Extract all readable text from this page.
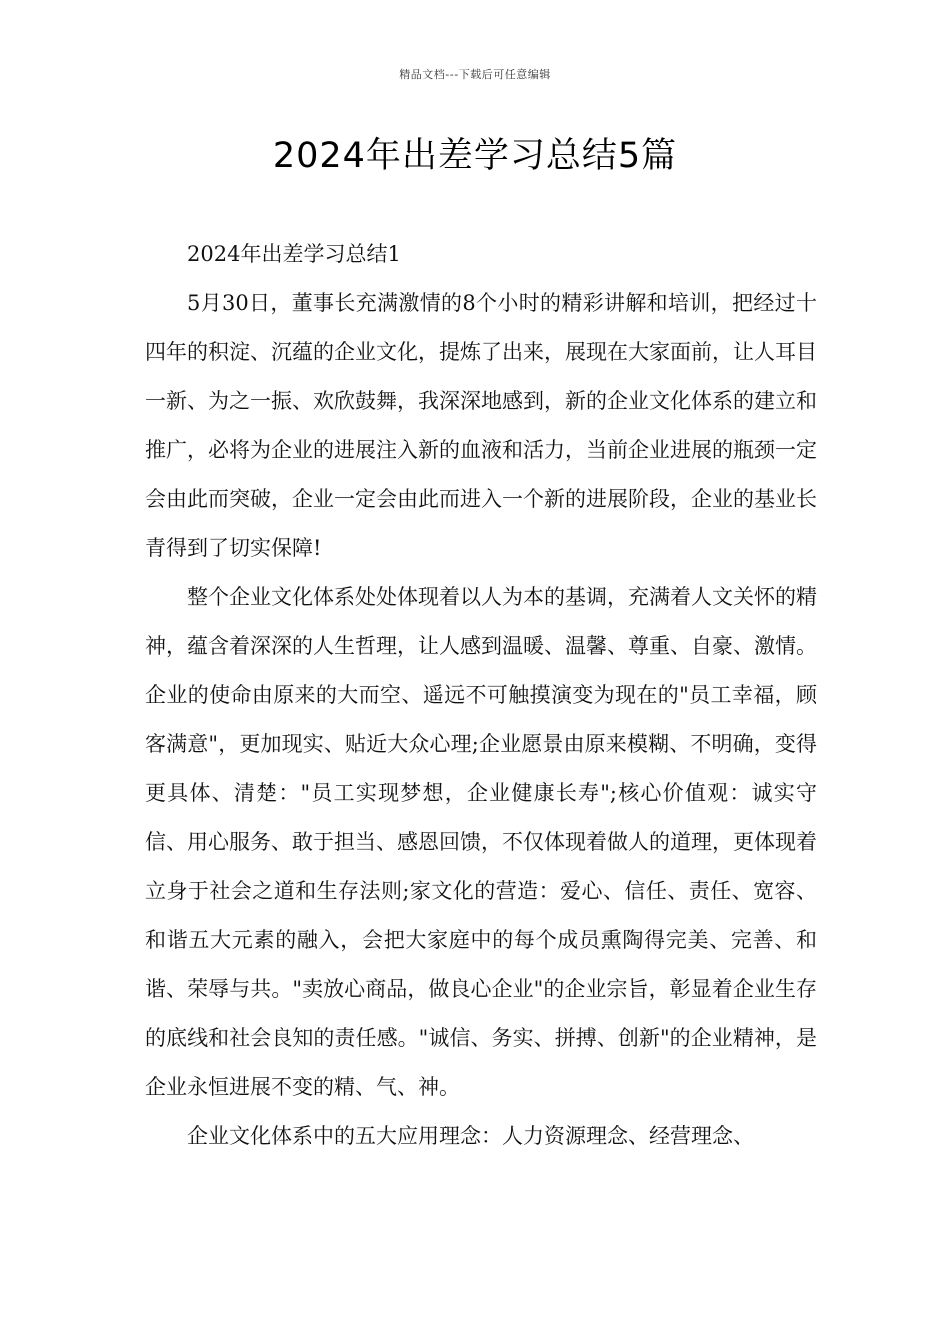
精品文档---下载后可任意编辑
2024年出差学习总结5篇

2024年出差学习总结1

5月30日，董事长充满激情的8个小时的精彩讲解和培训，把经过十四年的积淀、沉蕴的企业文化，提炼了出来，展现在大家面前，让人耳目一新、为之一振、欢欣鼓舞，我深深地感到，新的企业文化体系的建立和推广，必将为企业的进展注入新的血液和活力，当前企业进展的瓶颈一定会由此而突破，企业一定会由此而进入一个新的进展阶段，企业的基业长青得到了切实保障!

整个企业文化体系处处体现着以人为本的基调，充满着人文关怀的精神，蕴含着深深的人生哲理，让人感到温暖、温馨、尊重、自豪、激情。企业的使命由原来的大而空、遥远不可触摸演变为现在的"员工幸福，顾客满意"，更加现实、贴近大众心理;企业愿景由原来模糊、不明确，变得更具体、清楚："员工实现梦想，企业健康长寿";核心价值观：诚实守信、用心服务、敢于担当、感恩回馈，不仅体现着做人的道理，更体现着立身于社会之道和生存法则;家文化的营造：爱心、信任、责任、宽容、和谐五大元素的融入，会把大家庭中的每个成员熏陶得完美、完善、和谐、荣辱与共。"卖放心商品，做良心企业"的企业宗旨，彰显着企业生存的底线和社会良知的责任感。"诚信、务实、拼搏、创新"的企业精神，是企业永恒进展不变的精、气、神。

企业文化体系中的五大应用理念：人力资源理念、经营理念、
